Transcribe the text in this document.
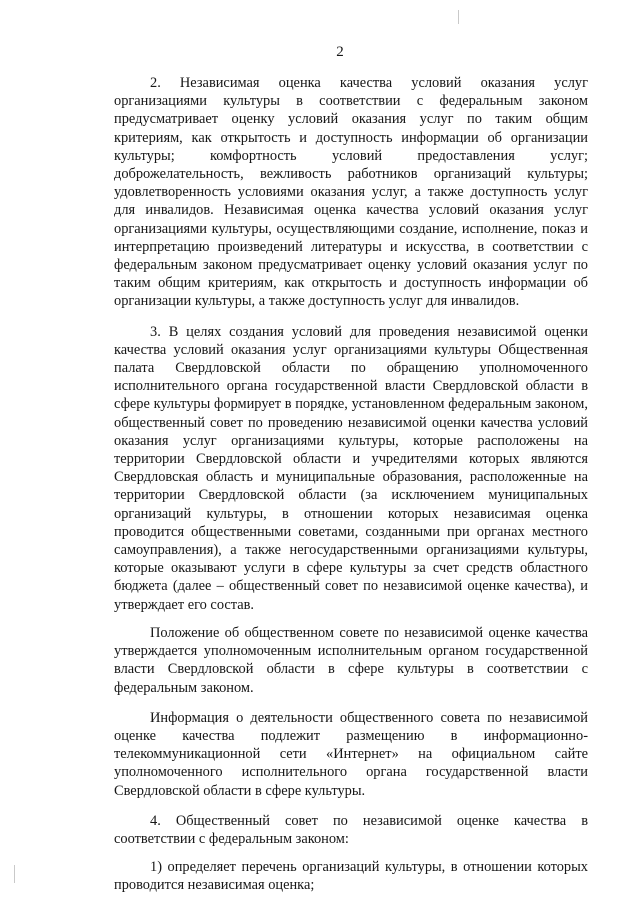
2

2. Независимая оценка качества условий оказания услуг организациями культуры в соответствии с федеральным законом предусматривает оценку условий оказания услуг по таким общим критериям, как открытость и доступность информации об организации культуры; комфортность условий предоставления услуг; доброжелательность, вежливость работников организаций культуры; удовлетворенность условиями оказания услуг, а также доступность услуг для инвалидов. Независимая оценка качества условий оказания услуг организациями культуры, осуществляющими создание, исполнение, показ и интерпретацию произведений литературы и искусства, в соответствии с федеральным законом предусматривает оценку условий оказания услуг по таким общим критериям, как открытость и доступность информации об организации культуры, а также доступность услуг для инвалидов.

3. В целях создания условий для проведения независимой оценки качества условий оказания услуг организациями культуры Общественная палата Свердловской области по обращению уполномоченного исполнительного органа государственной власти Свердловской области в сфере культуры формирует в порядке, установленном федеральным законом, общественный совет по проведению независимой оценки качества условий оказания услуг организациями культуры, которые расположены на территории Свердловской области и учредителями которых являются Свердловская область и муниципальные образования, расположенные на территории Свердловской области (за исключением муниципальных организаций культуры, в отношении которых независимая оценка проводится общественными советами, созданными при органах местного самоуправления), а также негосударственными организациями культуры, которые оказывают услуги в сфере культуры за счет средств областного бюджета (далее – общественный совет по независимой оценке качества), и утверждает его состав.

Положение об общественном совете по независимой оценке качества утверждается уполномоченным исполнительным органом государственной власти Свердловской области в сфере культуры в соответствии с федеральным законом.

Информация о деятельности общественного совета по независимой оценке качества подлежит размещению в информационно-телекоммуникационной сети «Интернет» на официальном сайте уполномоченного исполнительного органа государственной власти Свердловской области в сфере культуры.

4. Общественный совет по независимой оценке качества в соответствии с федеральным законом:

1) определяет перечень организаций культуры, в отношении которых проводится независимая оценка;
